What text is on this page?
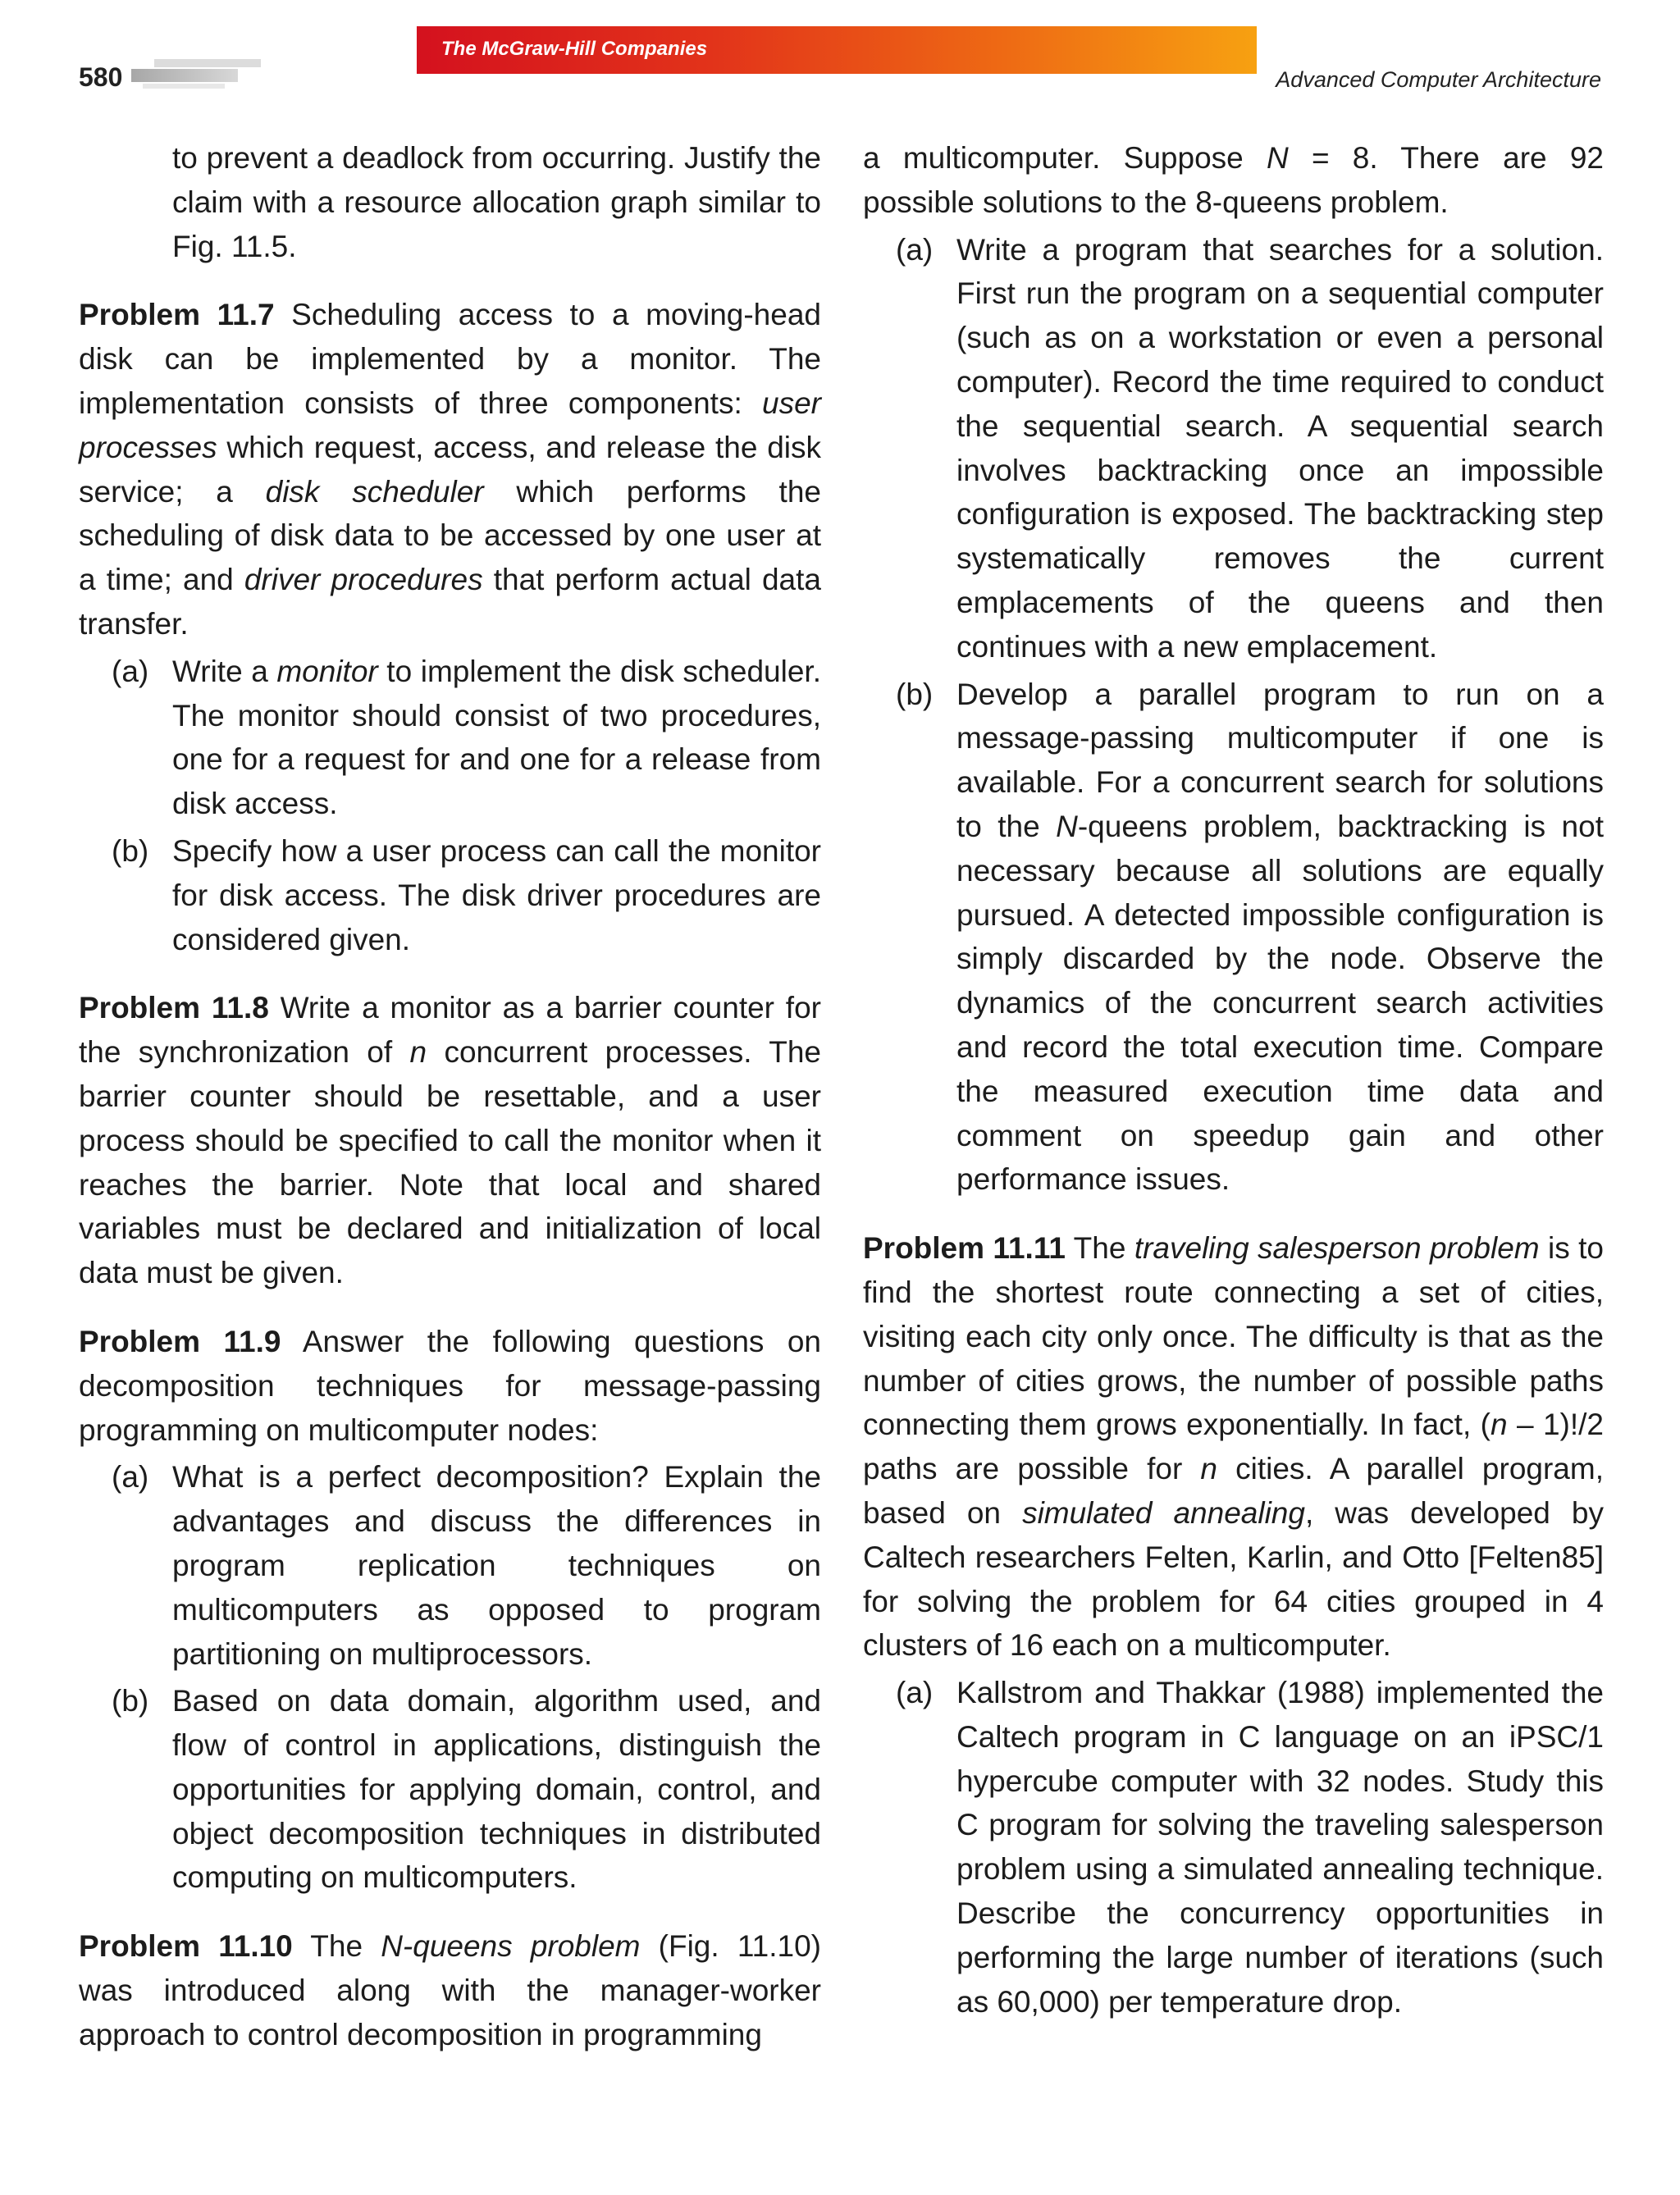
The McGraw-Hill Companies
580	Advanced Computer Architecture

to prevent a deadlock from occurring. Justify the claim with a resource allocation graph similar to Fig. 11.5.

Problem 11.7 Scheduling access to a moving-head disk can be implemented by a monitor. The implementation consists of three components: user processes which request, access, and release the disk service; a disk scheduler which performs the scheduling of disk data to be accessed by one user at a time; and driver procedures that perform actual data transfer.

(a) Write a monitor to implement the disk scheduler. The monitor should consist of two procedures, one for a request for and one for a release from disk access.
(b) Specify how a user process can call the monitor for disk access. The disk driver procedures are considered given.

Problem 11.8 Write a monitor as a barrier counter for the synchronization of n concurrent processes. The barrier counter should be resettable, and a user process should be specified to call the monitor when it reaches the barrier. Note that local and shared variables must be declared and initialization of local data must be given.

Problem 11.9 Answer the following questions on decomposition techniques for message-passing programming on multicomputer nodes:

(a) What is a perfect decomposition? Explain the advantages and discuss the differences in program replication techniques on multicomputers as opposed to program partitioning on multiprocessors.
(b) Based on data domain, algorithm used, and flow of control in applications, distinguish the opportunities for applying domain, control, and object decomposition techniques in distributed computing on multicomputers.

Problem 11.10 The N-queens problem (Fig. 11.10) was introduced along with the manager-worker approach to control decomposition in programming

a multicomputer. Suppose N = 8. There are 92 possible solutions to the 8-queens problem.

(a) Write a program that searches for a solution. First run the program on a sequential computer (such as on a workstation or even a personal computer). Record the time required to conduct the sequential search. A sequential search involves backtracking once an impossible configuration is exposed. The backtracking step systematically removes the current emplacements of the queens and then continues with a new emplacement.
(b) Develop a parallel program to run on a message-passing multicomputer if one is available. For a concurrent search for solutions to the N-queens problem, backtracking is not necessary because all solutions are equally pursued. A detected impossible configuration is simply discarded by the node. Observe the dynamics of the concurrent search activities and record the total execution time. Compare the measured execution time data and comment on speedup gain and other performance issues.

Problem 11.11 The traveling salesperson problem is to find the shortest route connecting a set of cities, visiting each city only once. The difficulty is that as the number of cities grows, the number of possible paths connecting them grows exponentially. In fact, (n – 1)!/2 paths are possible for n cities. A parallel program, based on simulated annealing, was developed by Caltech researchers Felten, Karlin, and Otto [Felten85] for solving the problem for 64 cities grouped in 4 clusters of 16 each on a multicomputer.

(a) Kallstrom and Thakkar (1988) implemented the Caltech program in C language on an iPSC/1 hypercube computer with 32 nodes. Study this C program for solving the traveling salesperson problem using a simulated annealing technique. Describe the concurrency opportunities in performing the large number of iterations (such as 60,000) per temperature drop.
